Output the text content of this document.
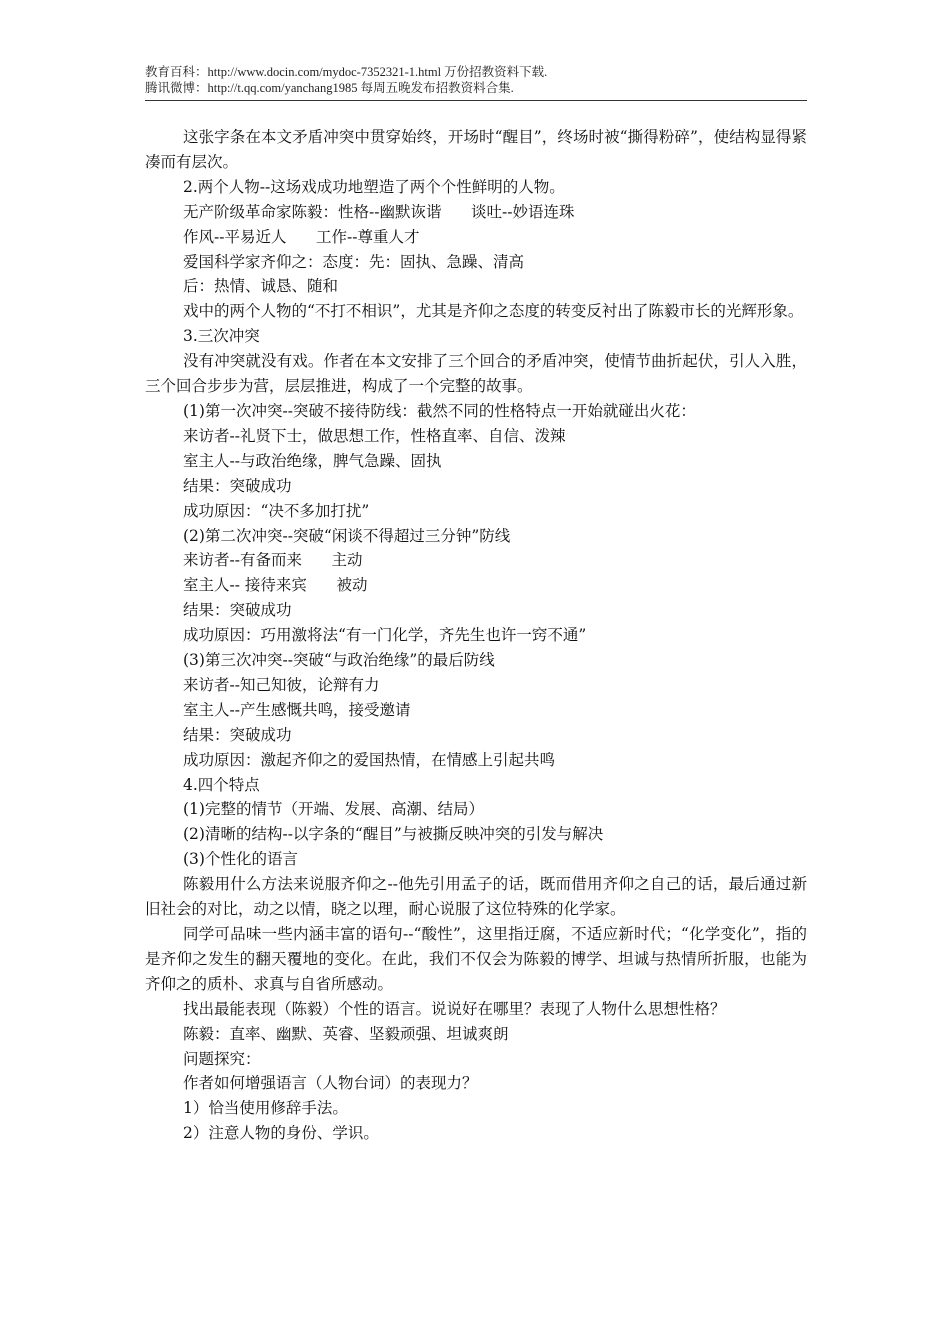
教育百科：http://www.docin.com/mydoc-7352321-1.html 万份招教资料下载.
腾讯微博：http://t.qq.com/yanchang1985 每周五晚发布招教资料合集.

这张字条在本文矛盾冲突中贯穿始终，开场时“醒目”，终场时被“撕得粉碎”，使结构显得紧凑而有层次。

2.两个人物--这场戏成功地塑造了两个个性鲜明的人物。

无产阶级革命家陈毅：性格--幽默诙谐      谈吐--妙语连珠

作风--平易近人      工作--尊重人才

爱国科学家齐仰之：态度：先：固执、急躁、清高

后：热情、诚恳、随和

戏中的两个人物的“不打不相识”，尤其是齐仰之态度的转变反衬出了陈毅市长的光辉形象。

3.三次冲突

没有冲突就没有戏。作者在本文安排了三个回合的矛盾冲突，使情节曲折起伏，引人入胜，三个回合步步为营，层层推进，构成了一个完整的故事。

(1)第一次冲突--突破不接待防线：截然不同的性格特点一开始就碰出火花：

来访者--礼贤下士，做思想工作，性格直率、自信、泼辣

室主人--与政治绝缘，脾气急躁、固执

结果：突破成功

成功原因：“决不多加打扰”

(2)第二次冲突--突破“闲谈不得超过三分钟”防线

来访者--有备而来      主动

室主人-- 接待来宾      被动

结果：突破成功

成功原因：巧用激将法“有一门化学，齐先生也许一窍不通”

(3)第三次冲突--突破“与政治绝缘”的最后防线

来访者--知己知彼，论辩有力

室主人--产生感慨共鸣，接受邀请

结果：突破成功

成功原因：激起齐仰之的爱国热情，在情感上引起共鸣

4.四个特点

(1)完整的情节（开端、发展、高潮、结局）

(2)清晰的结构--以字条的“醒目”与被撕反映冲突的引发与解决

(3)个性化的语言

陈毅用什么方法来说服齐仰之--他先引用孟子的话，既而借用齐仰之自己的话，最后通过新旧社会的对比，动之以情，晓之以理，耐心说服了这位特殊的化学家。

同学可品味一些内涵丰富的语句--“酸性”，这里指迂腐，不适应新时代；“化学变化”，指的是齐仰之发生的翻天覆地的变化。在此，我们不仅会为陈毅的博学、坦诚与热情所折服，也能为齐仰之的质朴、求真与自省所感动。

找出最能表现（陈毅）个性的语言。说说好在哪里？表现了人物什么思想性格？

陈毅：直率、幽默、英睿、坚毅顽强、坦诚爽朗

问题探究：

作者如何增强语言（人物台词）的表现力？

1）恰当使用修辞手法。

2）注意人物的身份、学识。
